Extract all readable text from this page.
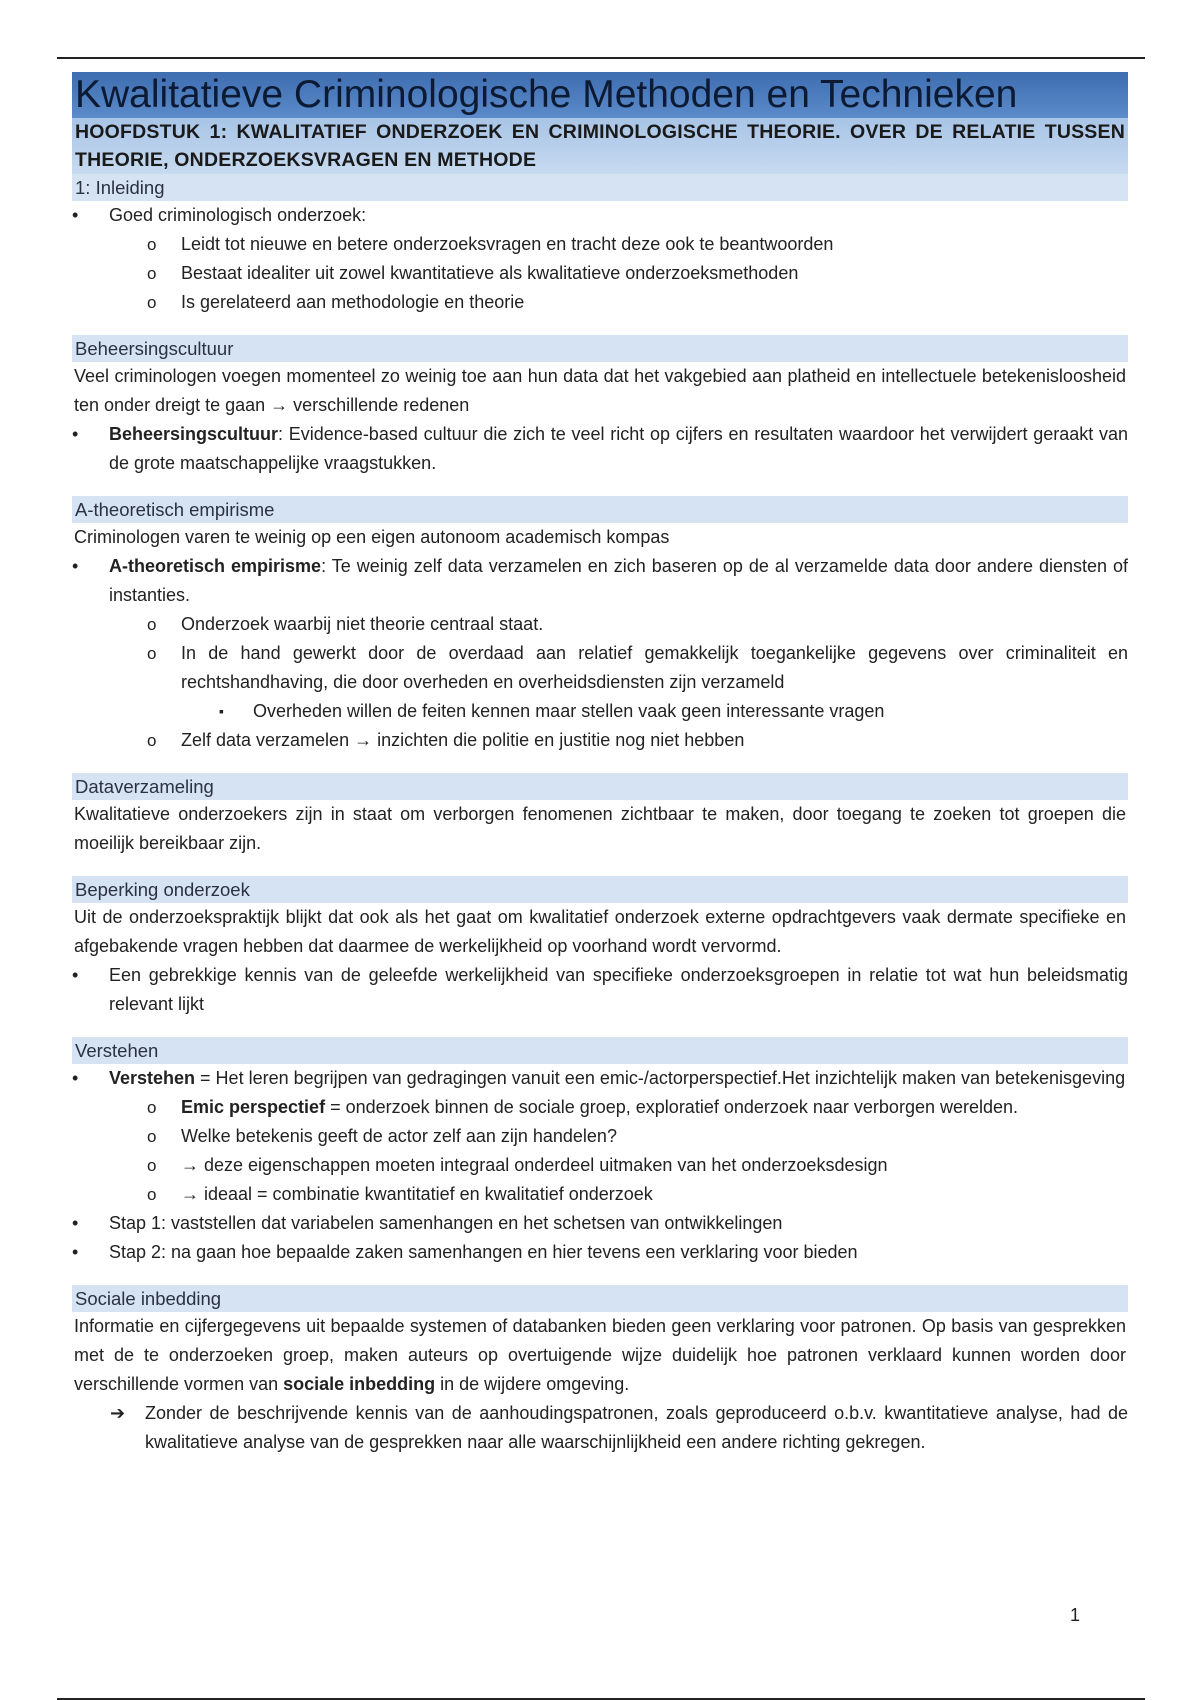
Kwalitatieve Criminologische Methoden en Technieken
HOOFDSTUK 1: KWALITATIEF ONDERZOEK EN CRIMINOLOGISCHE THEORIE. OVER DE RELATIE TUSSEN THEORIE, ONDERZOEKSVRAGEN EN METHODE
1: Inleiding
• Goed criminologisch onderzoek:
o Leidt tot nieuwe en betere onderzoeksvragen en tracht deze ook te beantwoorden
o Bestaat idealiter uit zowel kwantitatieve als kwalitatieve onderzoeksmethoden
o Is gerelateerd aan methodologie en theorie
Beheersingscultuur

Veel criminologen voegen momenteel zo weinig toe aan hun data dat het vakgebied aan platheid en intellectuele betekenisloosheid ten onder dreigt te gaan → verschillende redenen

• Beheersingscultuur: Evidence-based cultuur die zich te veel richt op cijfers en resultaten waardoor het verwijdert geraakt van de grote maatschappelijke vraagstukken.
A-theoretisch empirisme

Criminologen varen te weinig op een eigen autonoom academisch kompas

• A-theoretisch empirisme: Te weinig zelf data verzamelen en zich baseren op de al verzamelde data door andere diensten of instanties.
o Onderzoek waarbij niet theorie centraal staat.
o In de hand gewerkt door de overdaad aan relatief gemakkelijk toegankelijke gegevens over criminaliteit en rechtshandhaving, die door overheden en overheidsdiensten zijn verzameld
▪ Overheden willen de feiten kennen maar stellen vaak geen interessante vragen
o Zelf data verzamelen → inzichten die politie en justitie nog niet hebben
Dataverzameling

Kwalitatieve onderzoekers zijn in staat om verborgen fenomenen zichtbaar te maken, door toegang te zoeken tot groepen die moeilijk bereikbaar zijn.

Beperking onderzoek

Uit de onderzoekspraktijk blijkt dat ook als het gaat om kwalitatief onderzoek externe opdrachtgevers vaak dermate specifieke en afgebakende vragen hebben dat daarmee de werkelijkheid op voorhand wordt vervormd.

• Een gebrekkige kennis van de geleefde werkelijkheid van specifieke onderzoeksgroepen in relatie tot wat hun beleidsmatig relevant lijkt
Verstehen
• Verstehen = Het leren begrijpen van gedragingen vanuit een emic-/actorperspectief.Het inzichtelijk maken van betekenisgeving
o Emic perspectief = onderzoek binnen de sociale groep, exploratief onderzoek naar verborgen werelden.
o Welke betekenis geeft de actor zelf aan zijn handelen?
o → deze eigenschappen moeten integraal onderdeel uitmaken van het onderzoeksdesign
o → ideaal = combinatie kwantitatief en kwalitatief onderzoek
• Stap 1: vaststellen dat variabelen samenhangen en het schetsen van ontwikkelingen
• Stap 2: na gaan hoe bepaalde zaken samenhangen en hier tevens een verklaring voor bieden
Sociale inbedding

Informatie en cijfergegevens uit bepaalde systemen of databanken bieden geen verklaring voor patronen. Op basis van gesprekken met de te onderzoeken groep, maken auteurs op overtuigende wijze duidelijk hoe patronen verklaard kunnen worden door verschillende vormen van sociale inbedding in de wijdere omgeving.

➔ Zonder de beschrijvende kennis van de aanhoudingspatronen, zoals geproduceerd o.b.v. kwantitatieve analyse, had de kwalitatieve analyse van de gesprekken naar alle waarschijnlijkheid een andere richting gekregen.
1
